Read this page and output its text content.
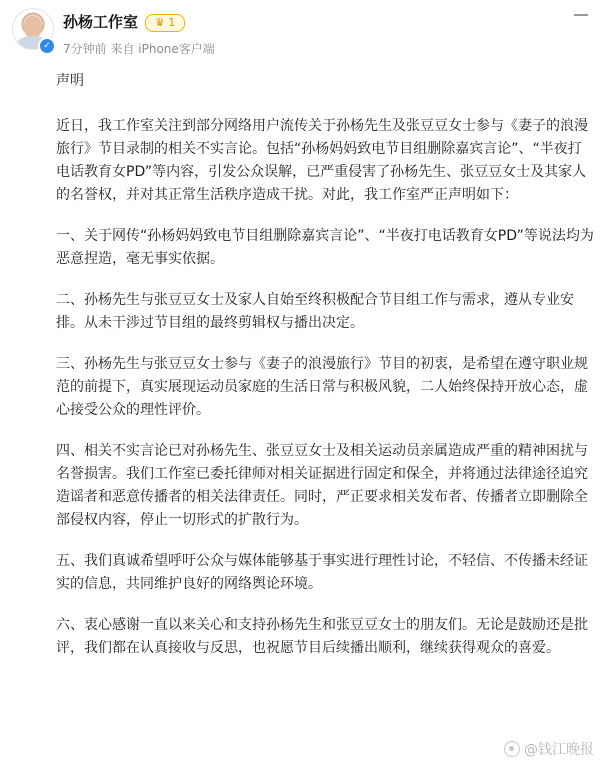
✓
孙杨工作室	♛ 1
7分钟前 来自 iPhone客户端

声明

近日，我工作室关注到部分网络用户流传关于孙杨先生及张豆豆女士参与《妻子的浪漫旅行》节目录制的相关不实言论。包括“孙杨妈妈致电节目组删除嘉宾言论”、“半夜打电话教育女PD”等内容，引发公众误解，已严重侵害了孙杨先生、张豆豆女士及其家人的名誉权，并对其正常生活秩序造成干扰。对此，我工作室严正声明如下：

一、关于网传“孙杨妈妈致电节目组删除嘉宾言论”、“半夜打电话教育女PD”等说法均为恶意捏造，毫无事实依据。

二、孙杨先生与张豆豆女士及家人自始至终积极配合节目组工作与需求，遵从专业安排。从未干涉过节目组的最终剪辑权与播出决定。

三、孙杨先生与张豆豆女士参与《妻子的浪漫旅行》节目的初衷，是希望在遵守职业规范的前提下，真实展现运动员家庭的生活日常与积极风貌，二人始终保持开放心态，虚心接受公众的理性评价。

四、相关不实言论已对孙杨先生、张豆豆女士及相关运动员亲属造成严重的精神困扰与名誉损害。我们工作室已委托律师对相关证据进行固定和保全，并将通过法律途径追究造谣者和恶意传播者的相关法律责任。同时，严正要求相关发布者、传播者立即删除全部侵权内容，停止一切形式的扩散行为。

五、我们真诚希望呼吁公众与媒体能够基于事实进行理性讨论，不轻信、不传播未经证实的信息，共同维护良好的网络舆论环境。

六、衷心感谢一直以来关心和支持孙杨先生和张豆豆女士的朋友们。无论是鼓励还是批评，我们都在认真接收与反思，也祝愿节目后续播出顺利，继续获得观众的喜爱。

@钱江晚报
